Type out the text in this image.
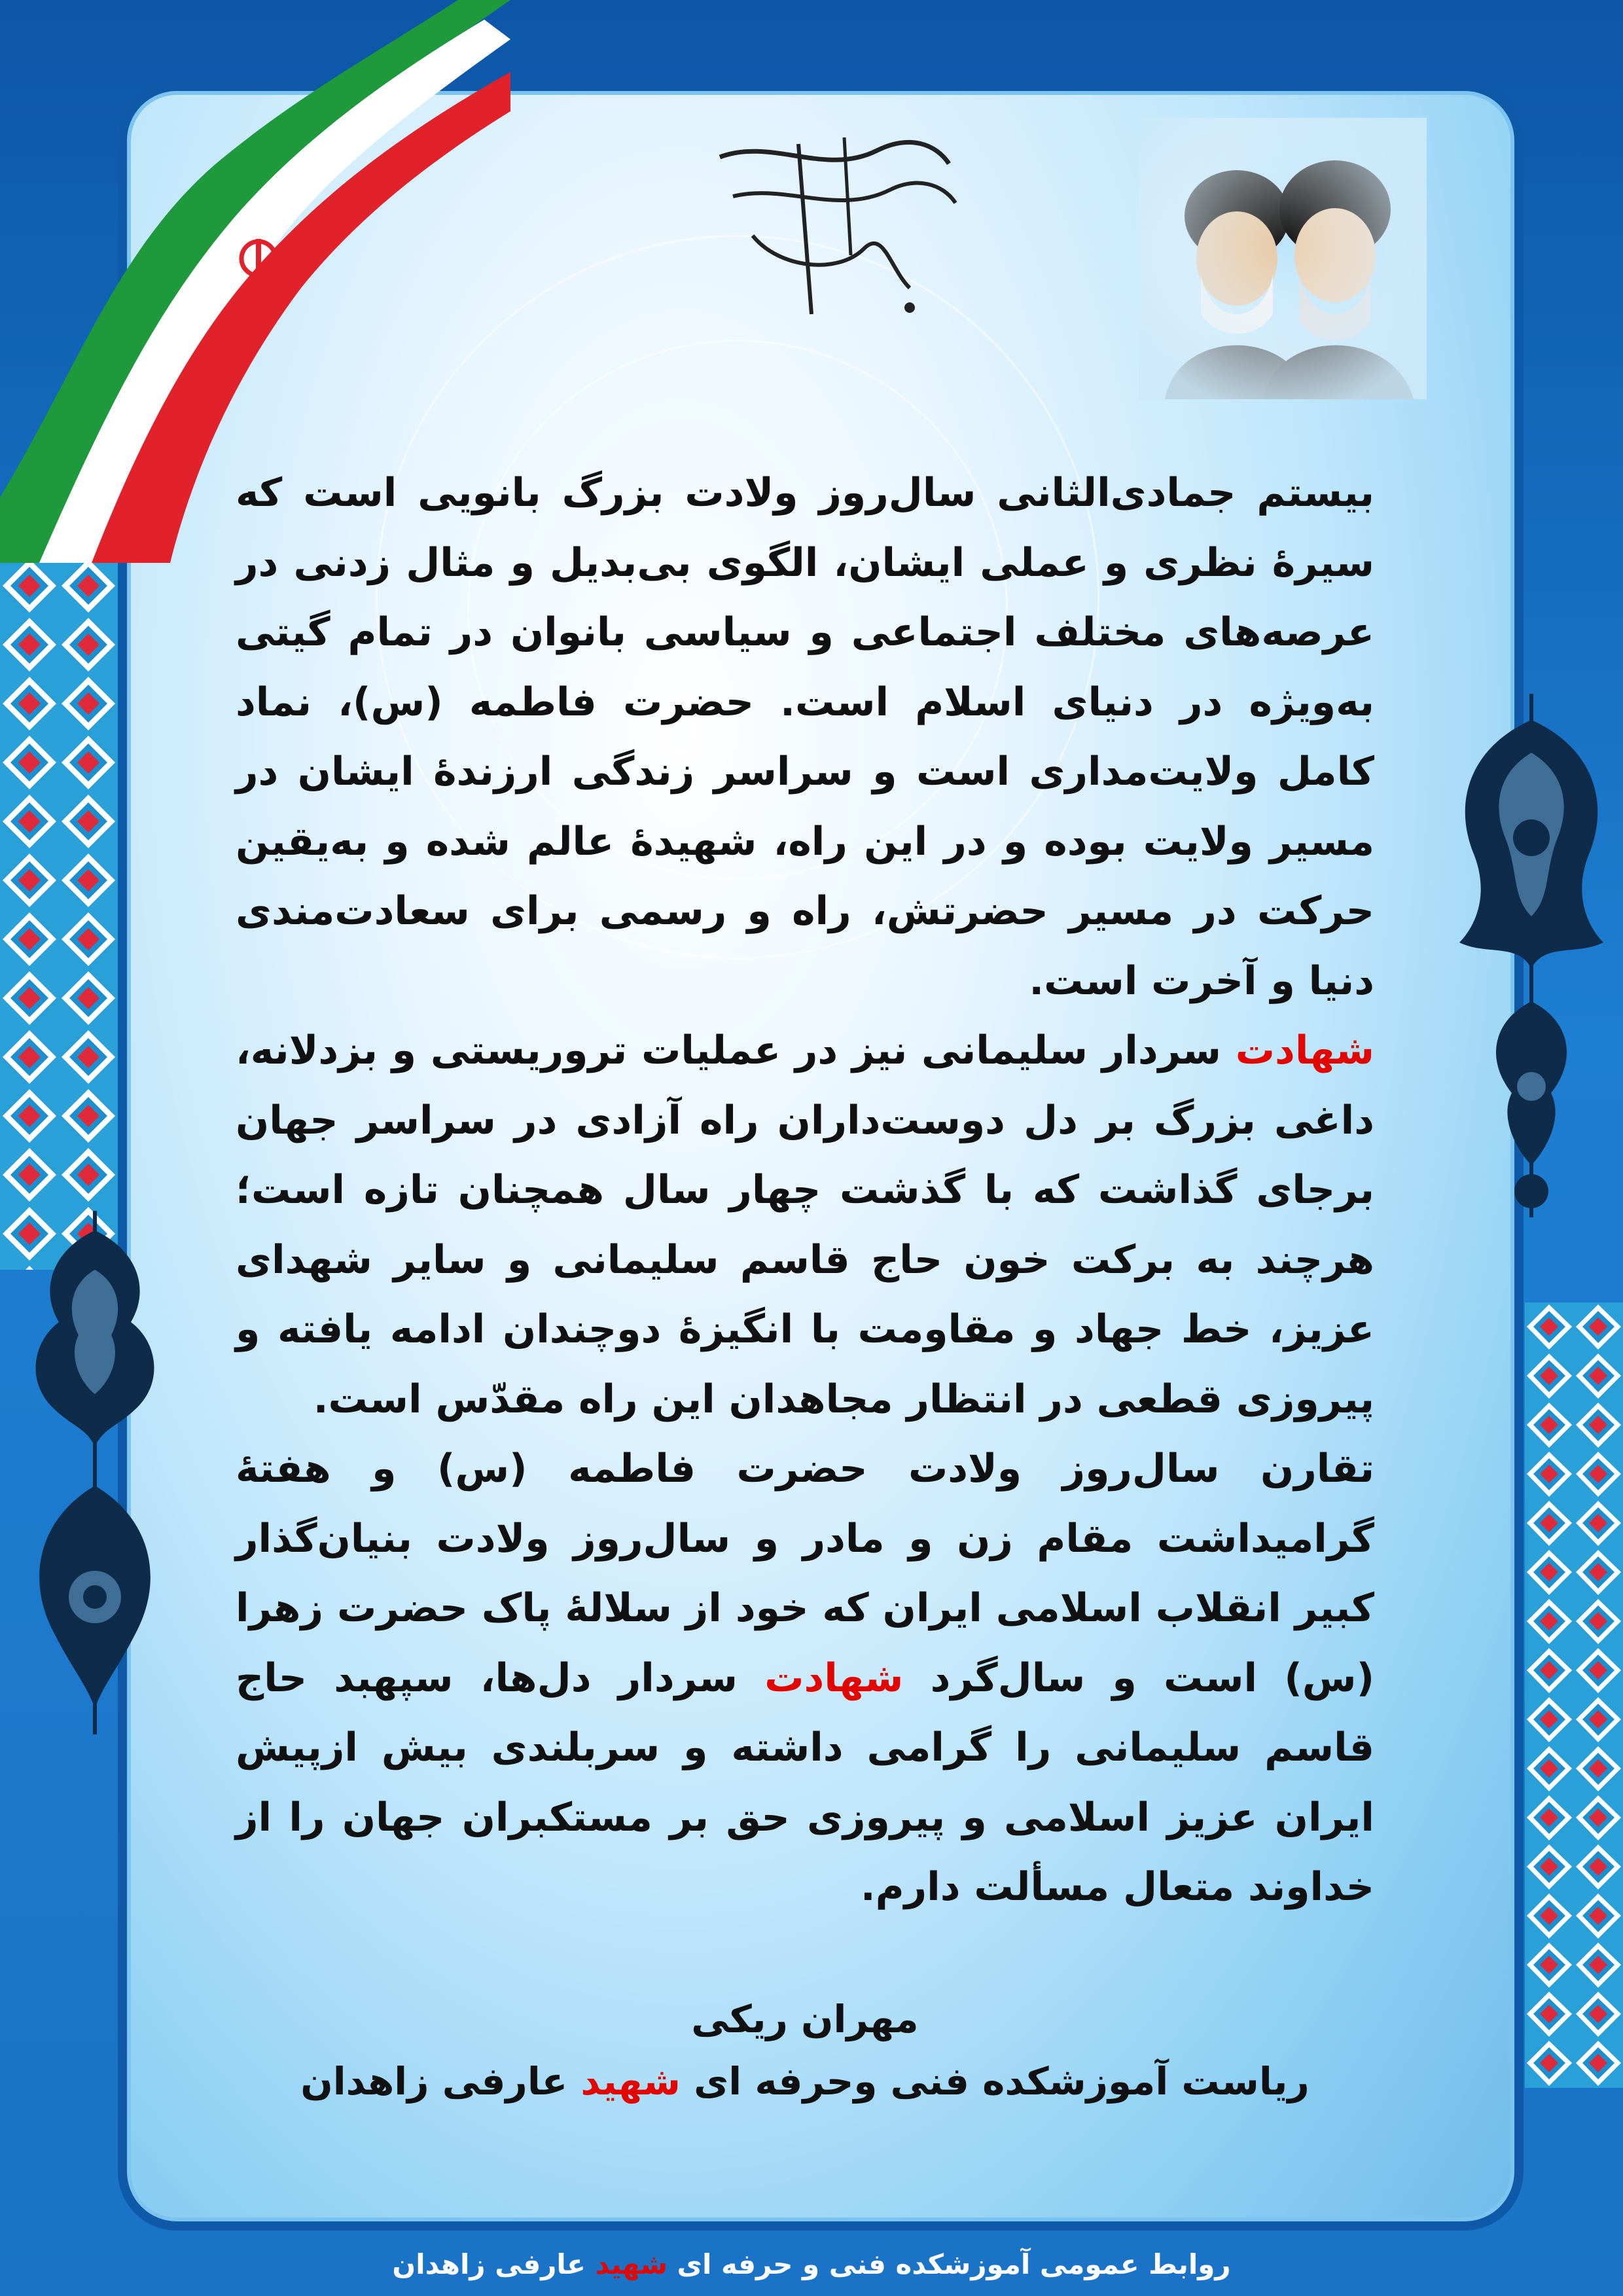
بیستم جمادی‌الثانی سال‌روز ولادت بزرگ بانویی است که سیرهٔ نظری و عملی ایشان، الگوی بی‌بدیل و مثال زدنی در عرصه‌های مختلف اجتماعی و سیاسی بانوان در تمام گیتی به‌ویژه در دنیای اسلام است. حضرت فاطمه (س)، نماد کامل ولایت‌مداری است و سراسر زندگی ارزندهٔ ایشان در مسیر ولایت بوده و در این راه، شهیدهٔ عالم شده و به‌یقین حرکت در مسیر حضرتش، راه و رسمی برای سعادت‌مندی دنیا و آخرت است.

شهادت سردار سلیمانی نیز در عملیات تروریستی و بزدلانه، داغی بزرگ بر دل دوست‌داران راه آزادی در سراسر جهان برجای گذاشت که با گذشت چهار سال همچنان تازه است؛ هرچند به برکت خون حاج قاسم سلیمانی و سایر شهدای عزیز، خط جهاد و مقاومت با انگیزهٔ دوچندان ادامه یافته و پیروزی قطعی در انتظار مجاهدان این راه مقدّس است.

تقارن سال‌روز ولادت حضرت فاطمه (س) و هفتهٔ گرامیداشت مقام زن و مادر و سال‌روز ولادت بنیان‌گذار کبیر انقلاب اسلامی ایران که خود از سلالهٔ پاک حضرت زهرا (س) است و سال‌گرد شهادت سردار دل‌ها، سپهبد حاج قاسم سلیمانی را گرامی داشته و سربلندی بیش ازپیش ایران عزیز اسلامی و پیروزی حق بر مستکبران جهان را از خداوند متعال مسألت دارم.

مهران ریکی
ریاست آموزشکده فنی وحرفه ای شهید عارفی زاهدان
روابط عمومی آموزشکده فنی و حرفه ای شهید عارفی زاهدان
